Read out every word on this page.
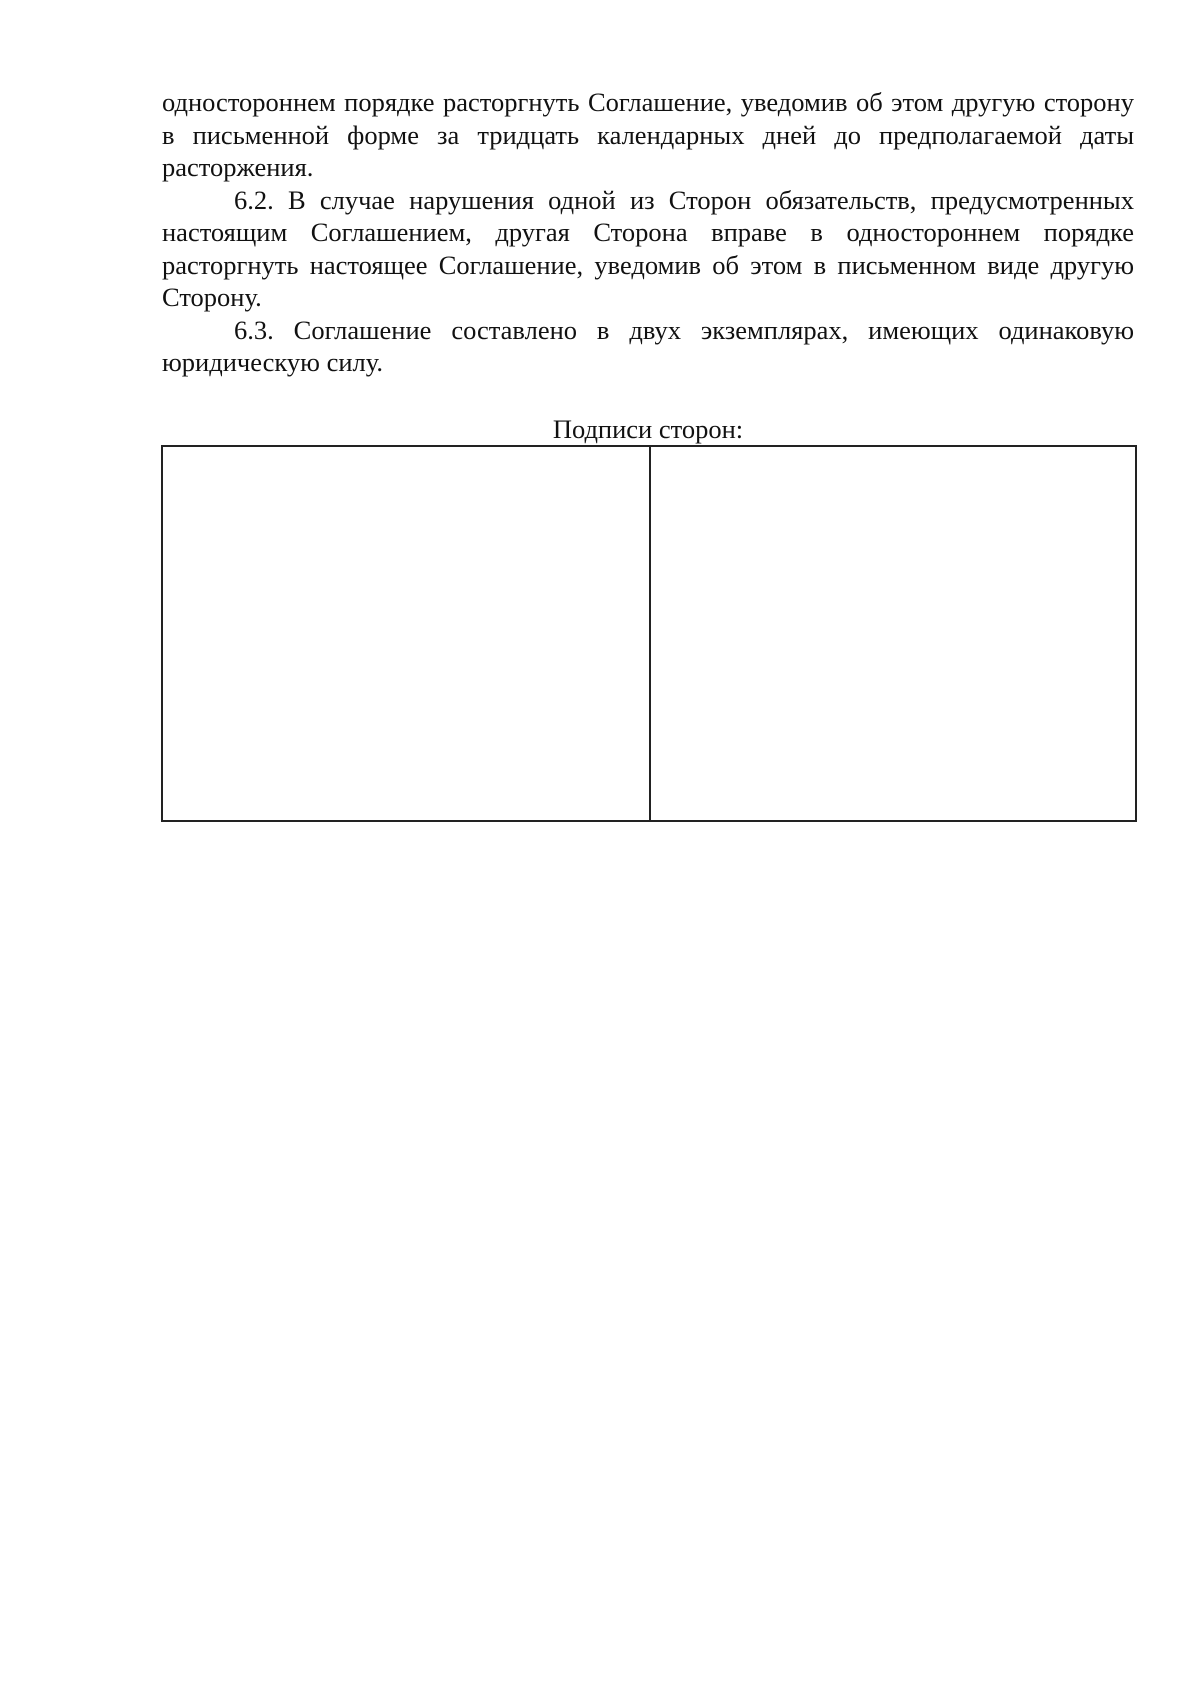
одностороннем порядке расторгнуть Соглашение, уведомив об этом другую сторону в письменной форме за тридцать календарных дней до предполагаемой даты расторжения.

6.2. В случае нарушения одной из Сторон обязательств, предусмотренных настоящим Соглашением, другая Сторона вправе в одностороннем порядке расторгнуть настоящее Соглашение, уведомив об этом в письменном виде другую Сторону.

6.3. Соглашение составлено в двух экземплярах, имеющих одинаковую юридическую силу.

Подписи сторон:
